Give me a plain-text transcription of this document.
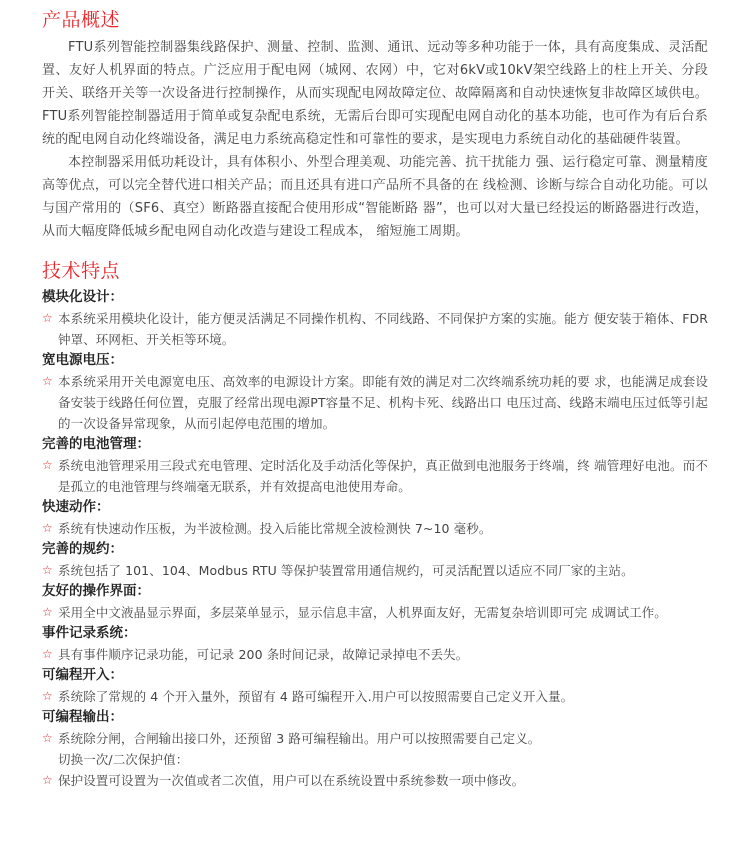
产品概述

FTU系列智能控制器集线路保护、测量、控制、监测、通讯、远动等多种功能于一体，具有高度集成、灵活配置、友好人机界面的特点。广泛应用于配电网（城网、农网）中，它对6kV或10kV架空线路上的柱上开关、分段开关、联络开关等一次设备进行控制操作，从而实现配电网故障定位、故障隔离和自动快速恢复非故障区域供电。FTU系列智能控制器适用于简单或复杂配电系统，无需后台即可实现配电网自动化的基本功能，也可作为有后台系统的配电网自动化终端设备，满足电力系统高稳定性和可靠性的要求，是实现电力系统自动化的基础硬件装置。

本控制器采用低功耗设计，具有体积小、外型合理美观、功能完善、抗干扰能力 强、运行稳定可靠、测量精度高等优点，可以完全替代进口相关产品；而且还具有进口产品所不具备的在 线检测、诊断与综合自动化功能。可以与国产常用的（SF6、真空）断路器直接配合使用形成“智能断路 器”，也可以对大量已经投运的断路器进行改造，从而大幅度降低城乡配电网自动化改造与建设工程成本， 缩短施工周期。

技术特点

模块化设计：

☆ 本系统采用模块化设计，能方便灵活满足不同操作机构、不同线路、不同保护方案的实施。能方 便安装于箱体、FDR 钟罩、环网柜、开关柜等环境。

宽电源电压：

☆ 本系统采用开关电源宽电压、高效率的电源设计方案。即能有效的满足对二次终端系统功耗的要 求，也能满足成套设备安装于线路任何位置，克服了经常出现电源PT容量不足、机构卡死、线路出口 电压过高、线路末端电压过低等引起的一次设备异常现象，从而引起停电范围的增加。

完善的电池管理：

☆ 系统电池管理采用三段式充电管理、定时活化及手动活化等保护，真正做到电池服务于终端，终 端管理好电池。而不是孤立的电池管理与终端毫无联系，并有效提高电池使用寿命。

快速动作：

☆ 系统有快速动作压板，为半波检测。投入后能比常规全波检测快 7~10 毫秒。

完善的规约：

☆ 系统包括了 101、104、Modbus RTU 等保护装置常用通信规约，可灵活配置以适应不同厂家的主站。

友好的操作界面：

☆ 采用全中文液晶显示界面，多层菜单显示，显示信息丰富，人机界面友好，无需复杂培训即可完 成调试工作。

事件记录系统：

☆ 具有事件顺序记录功能，可记录 200 条时间记录，故障记录掉电不丢失。

可编程开入：

☆ 系统除了常规的 4 个开入量外，预留有 4 路可编程开入.用户可以按照需要自己定义开入量。

可编程输出：

☆ 系统除分闸，合闸输出接口外，还预留 3 路可编程输出。用户可以按照需要自己定义。

切换一次/二次保护值：

☆ 保护设置可设置为一次值或者二次值，用户可以在系统设置中系统参数一项中修改。
